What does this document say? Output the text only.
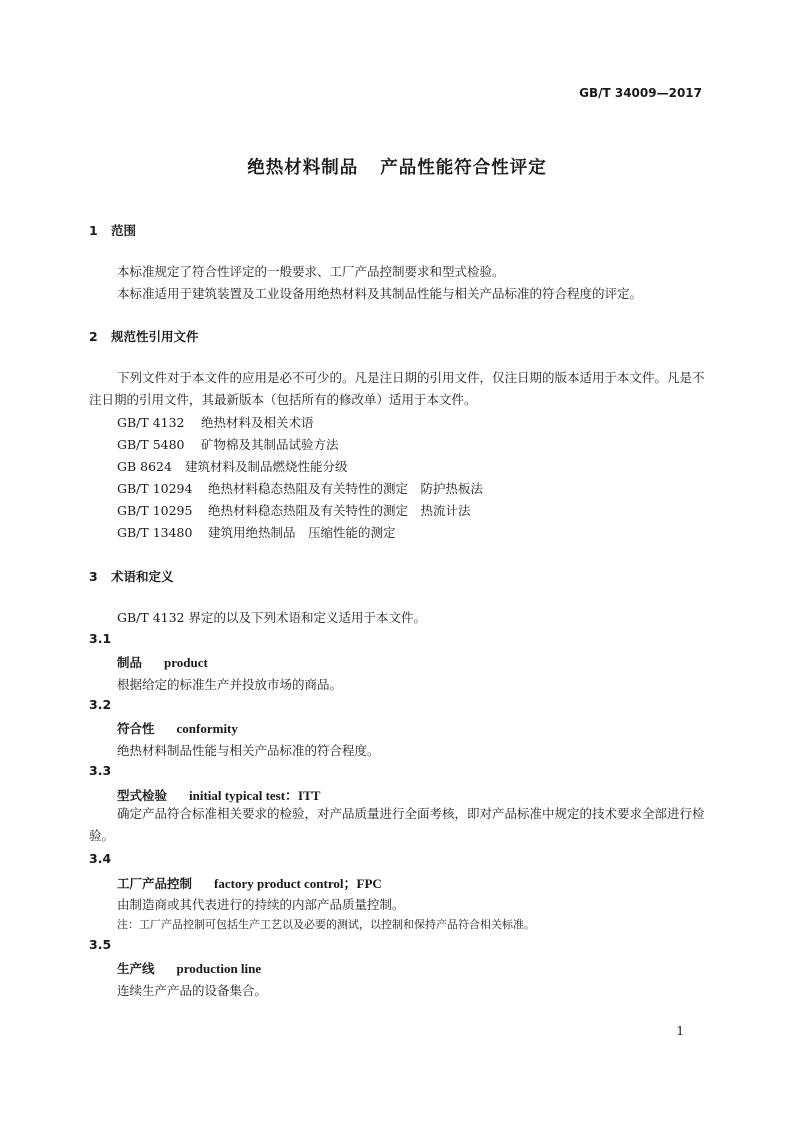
GB/T 34009—2017
绝热材料制品 产品性能符合性评定
1 范围
本标准规定了符合性评定的一般要求、工厂产品控制要求和型式检验。
本标准适用于建筑装置及工业设备用绝热材料及其制品性能与相关产品标准的符合程度的评定。
2 规范性引用文件
下列文件对于本文件的应用是必不可少的。凡是注日期的引用文件，仅注日期的版本适用于本文件。凡是不注日期的引用文件，其最新版本（包括所有的修改单）适用于本文件。
GB/T 4132 绝热材料及相关术语
GB/T 5480 矿物棉及其制品试验方法
GB 8624 建筑材料及制品燃烧性能分级
GB/T 10294 绝热材料稳态热阻及有关特性的测定　防护热板法
GB/T 10295 绝热材料稳态热阻及有关特性的测定　热流计法
GB/T 13480 建筑用绝热制品　压缩性能的测定
3 术语和定义
GB/T 4132 界定的以及下列术语和定义适用于本文件。
3.1
制品 product
根据给定的标准生产并投放市场的商品。
3.2
符合性 conformity
绝热材料制品性能与相关产品标准的符合程度。
3.3
型式检验 initial typical test：ITT
确定产品符合标准相关要求的检验，对产品质量进行全面考核，即对产品标准中规定的技术要求全部进行检验。
3.4
工厂产品控制 factory product control；FPC
由制造商或其代表进行的持续的内部产品质量控制。
注：工厂产品控制可包括生产工艺以及必要的测试，以控制和保持产品符合相关标准。
3.5
生产线 production line
连续生产产品的设备集合。
1
